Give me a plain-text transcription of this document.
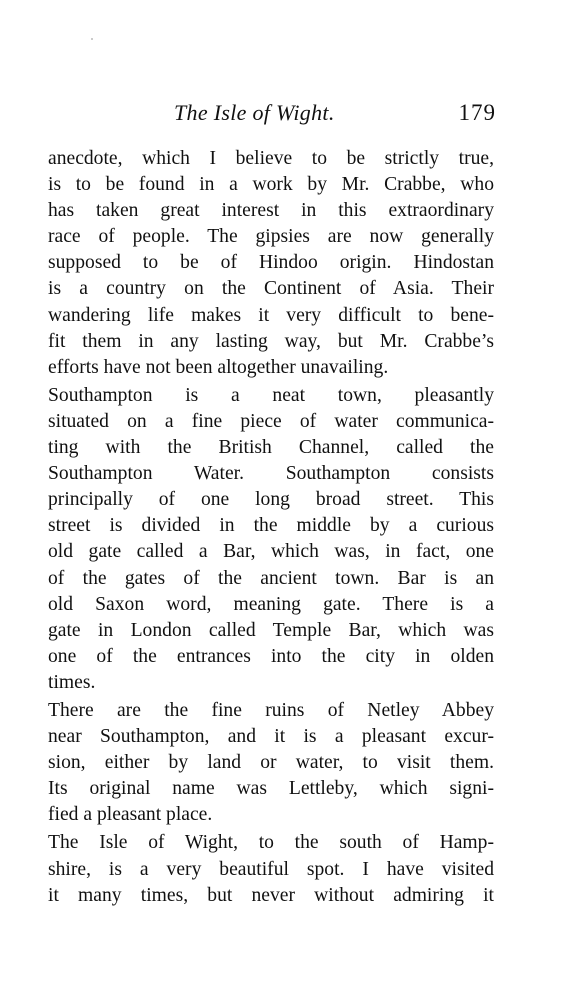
The Isle of Wight.	179
anecdote, which I believe to be strictly true,
is to be found in a work by Mr. Crabbe, who
has taken great interest in this extraordinary
race of people. The gipsies are now generally
supposed to be of Hindoo origin. Hindostan
is a country on the Continent of Asia. Their
wandering life makes it very difficult to bene-
fit them in any lasting way, but Mr. Crabbe’s
efforts have not been altogether unavailing.
Southampton is a neat town, pleasantly
situated on a fine piece of water communica-
ting with the British Channel, called the
Southampton Water. Southampton consists
principally of one long broad street. This
street is divided in the middle by a curious
old gate called a Bar, which was, in fact, one
of the gates of the ancient town. Bar is an
old Saxon word, meaning gate. There is a
gate in London called Temple Bar, which was
one of the entrances into the city in olden
times.
There are the fine ruins of Netley Abbey
near Southampton, and it is a pleasant excur-
sion, either by land or water, to visit them.
Its original name was Lettleby, which signi-
fied a pleasant place.
The Isle of Wight, to the south of Hamp-
shire, is a very beautiful spot. I have visited
it many times, but never without admiring it
